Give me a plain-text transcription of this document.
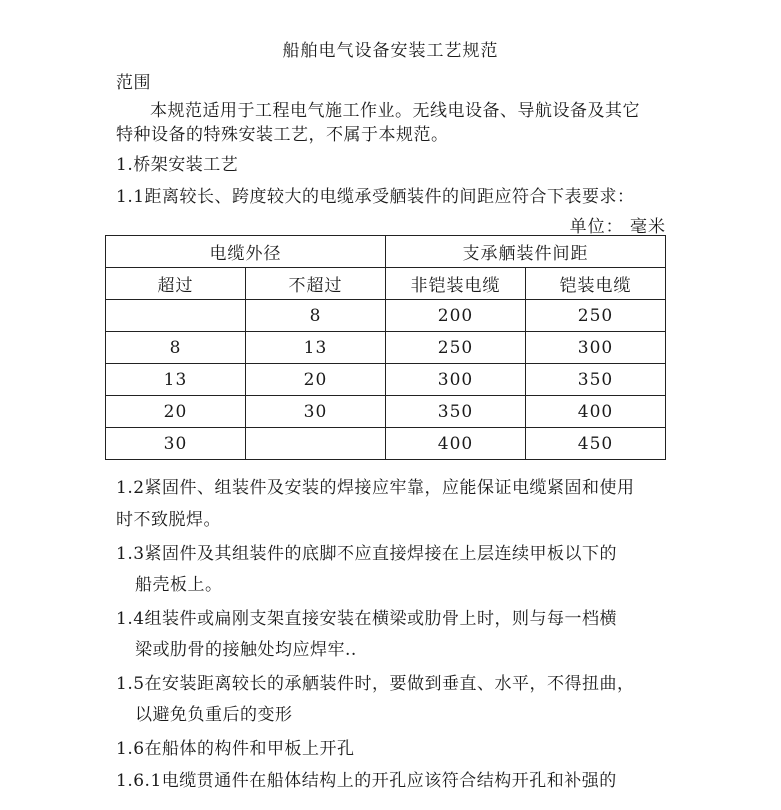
船舶电气设备安装工艺规范
范围
本规范适用于工程电气施工作业。无线电设备、导航设备及其它
特种设备的特殊安装工艺，不属于本规范。
1.桥架安装工艺
1.1距离较长、跨度较大的电缆承受舾装件的间距应符合下表要求：
单位： 毫米
电缆外径		支承舾装件间距	
超过	不超过	非铠装电缆	铠装电缆
	8	200	250
8	13	250	300
13	20	300	350
20	30	350	400
30		400	450
1.2紧固件、组装件及安装的焊接应牢靠，应能保证电缆紧固和使用
时不致脱焊。
1.3紧固件及其组装件的底脚不应直接焊接在上层连续甲板以下的
船壳板上。
1.4组装件或扁刚支架直接安装在横梁或肋骨上时，则与每一档横
梁或肋骨的接触处均应焊牢..
1.5在安装距离较长的承舾装件时，要做到垂直、水平，不得扭曲，
以避免负重后的变形
1.6在船体的构件和甲板上开孔
1.6.1电缆贯通件在船体结构上的开孔应该符合结构开孔和补强的
